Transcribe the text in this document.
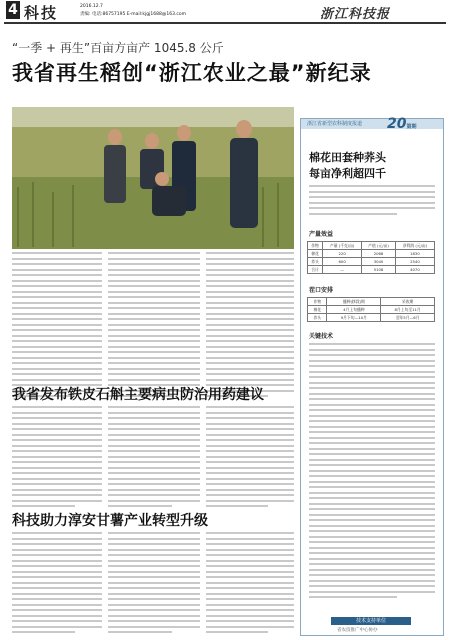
4 科技	2016.12.7
责编: 电话:86757195 E-mail:kjgj1688@163.com	浙江科技报
“一季 + 再生”百亩方亩产 1045.8 公斤
我省再生稻创“浙江农业之最”新纪录
我省发布铁皮石斛主要病虫防治用药建议
科技助力淳安甘薯产业转型升级
浙江省新型农科制度报道 20第期
棉花田套种荞头
每亩净利超四千
产量效益
作物	产量 (千克/亩)	产值 (元/亩)	净利润 (元/亩)
棉花	220	2068	1830
荞头	600	3040	2540
合计	—	5108	4070
茬口安排
作物	播种(移栽)期	采收期
棉花	4月上旬播种	8月上旬至11月
荞头	9月下旬—10月	翌年5月—6月
关键技术
技术支持单位
省农技推广中心协办
